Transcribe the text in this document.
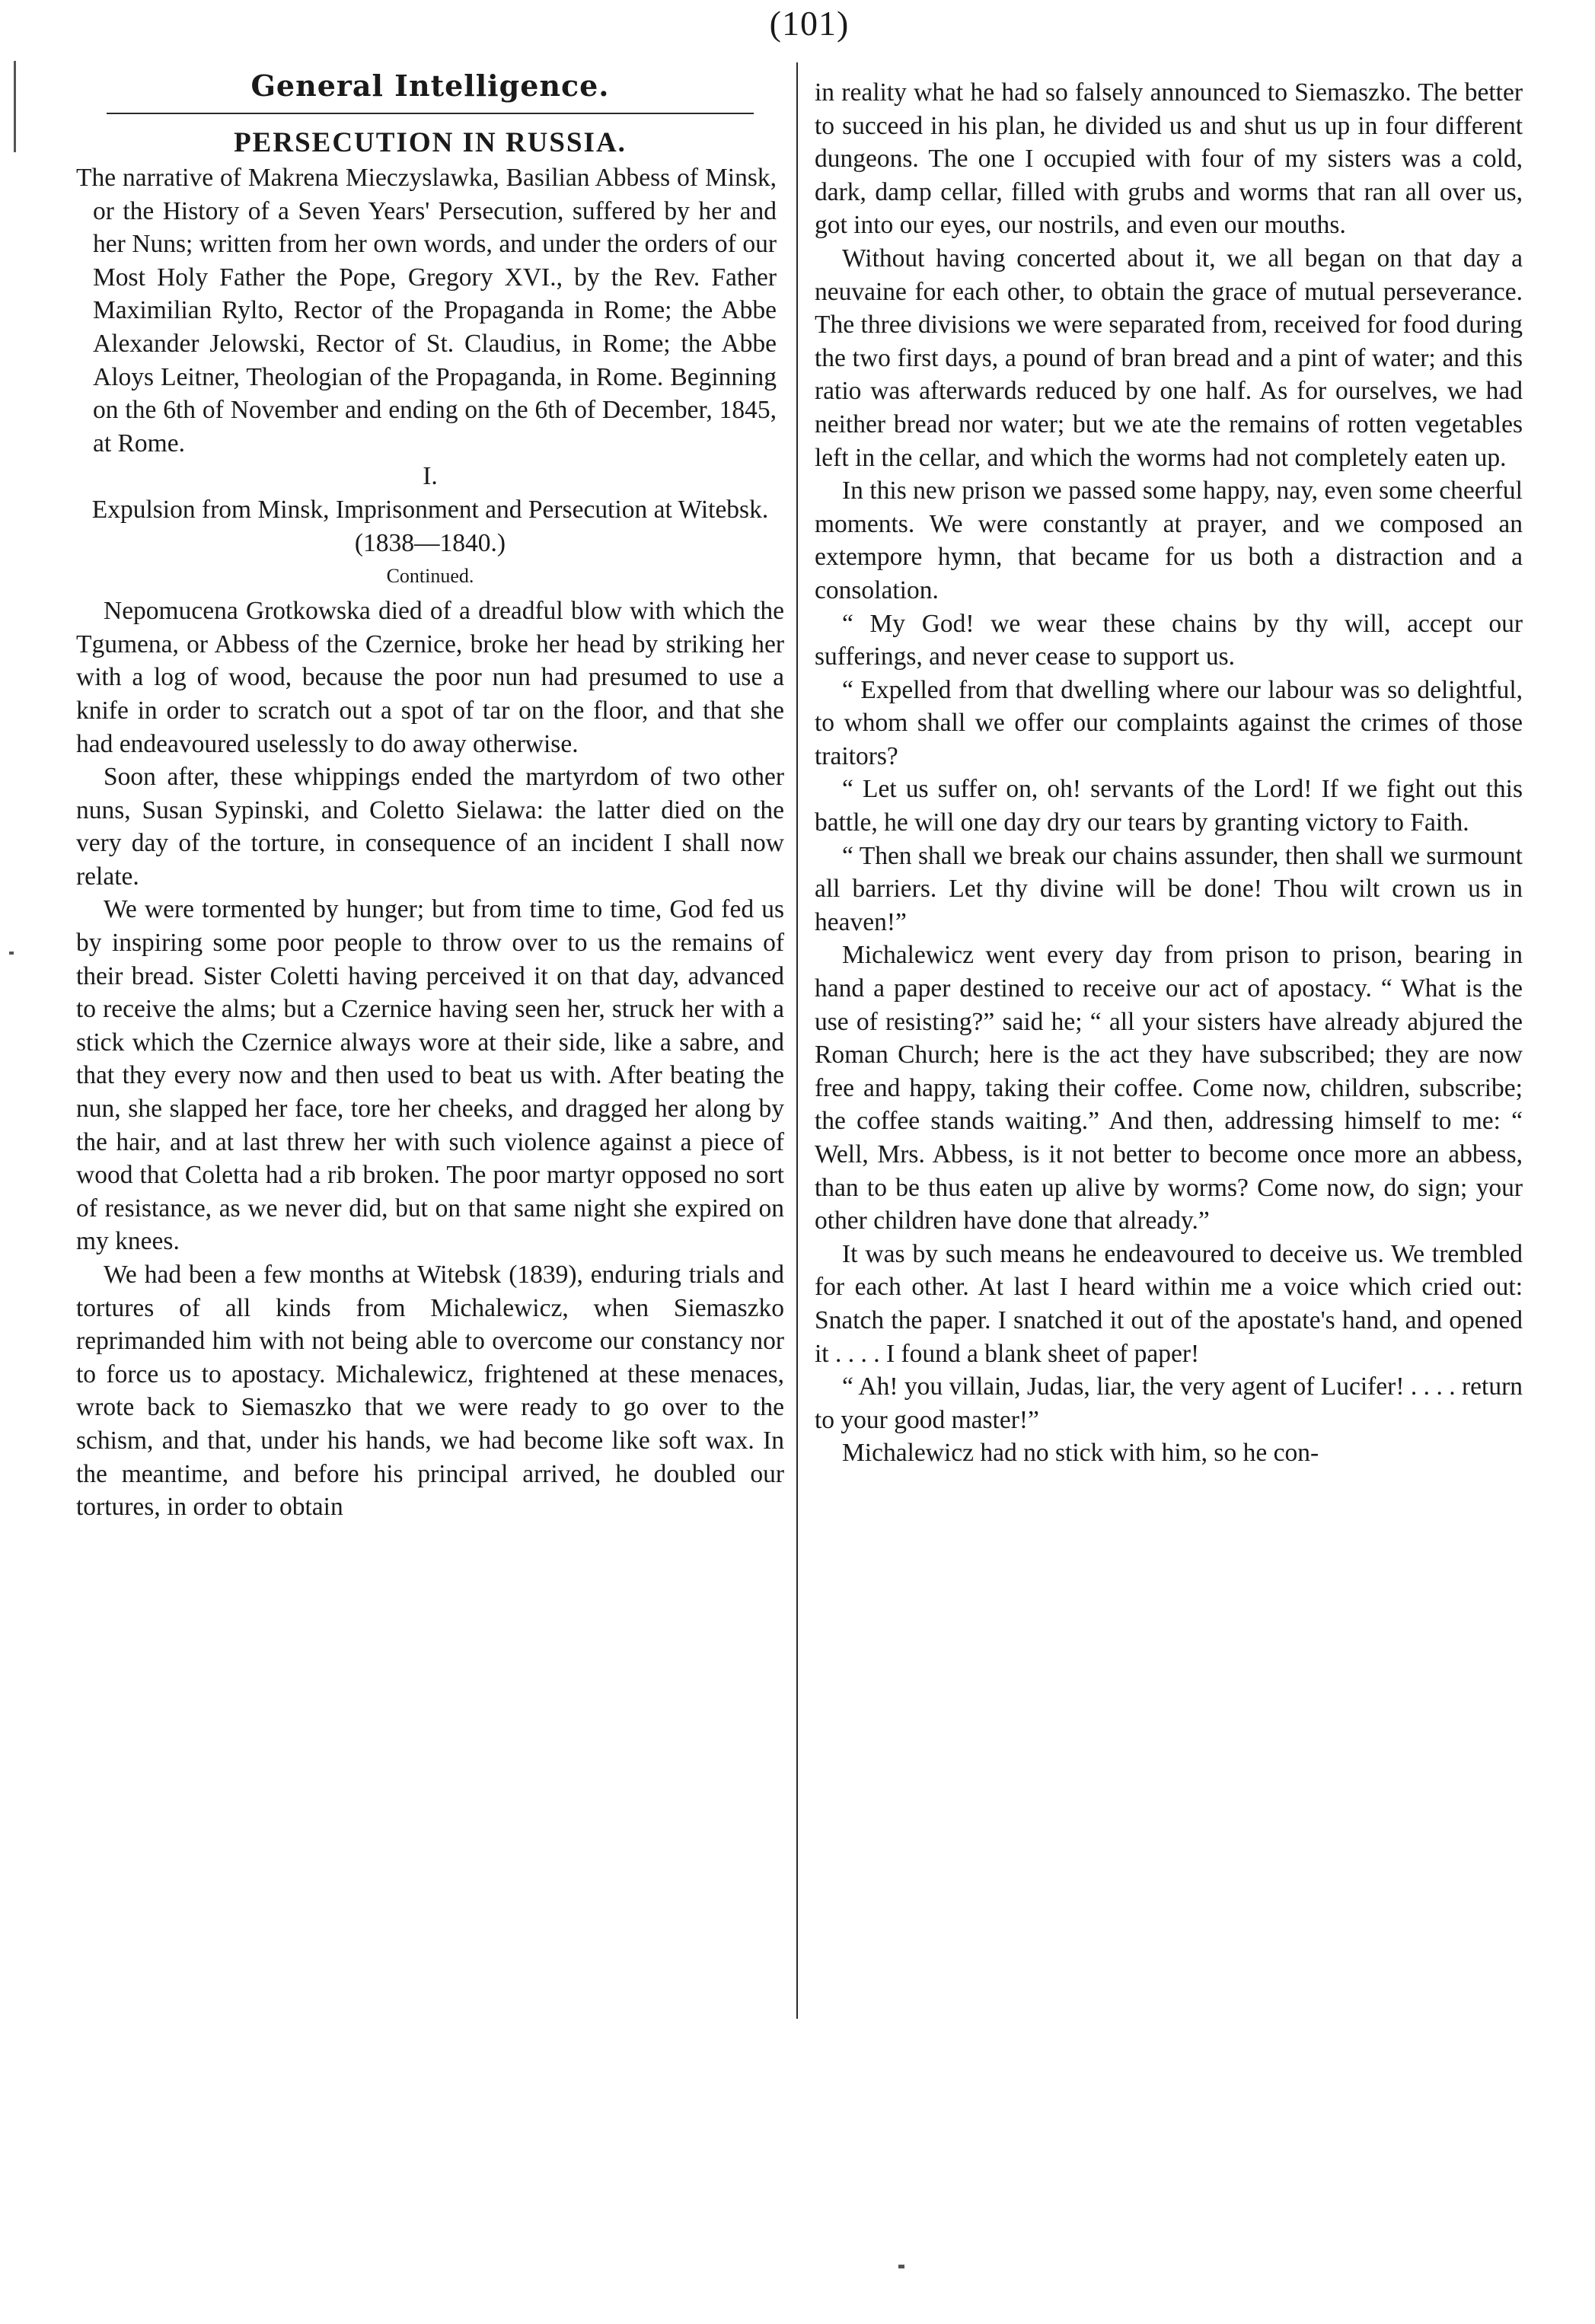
(101)
General Intelligence.
PERSECUTION IN RUSSIA.

The narrative of Makrena Mieczyslawka, Basilian Abbess of Minsk, or the History of a Seven Years' Persecution, suffered by her and her Nuns; written from her own words, and under the orders of our Most Holy Father the Pope, Gregory XVI., by the Rev. Father Maximilian Rylto, Rector of the Propaganda in Rome; the Abbe Alexander Jelowski, Rector of St. Claudius, in Rome; the Abbe Aloys Leitner, Theologian of the Propaganda, in Rome. Beginning on the 6th of November and ending on the 6th of December, 1845, at Rome.

I.

Expulsion from Minsk, Imprisonment and Persecution at Witebsk.

(1838—1840.)

Continued.

Nepomucena Grotkowska died of a dreadful blow with which the Tgumena, or Abbess of the Czernice, broke her head by striking her with a log of wood, because the poor nun had presumed to use a knife in order to scratch out a spot of tar on the floor, and that she had endeavoured uselessly to do away otherwise.

Soon after, these whippings ended the martyrdom of two other nuns, Susan Sypinski, and Coletto Sielawa: the latter died on the very day of the torture, in consequence of an incident I shall now relate.

We were tormented by hunger; but from time to time, God fed us by inspiring some poor people to throw over to us the remains of their bread. Sister Coletti having perceived it on that day, advanced to receive the alms; but a Czernice having seen her, struck her with a stick which the Czernice always wore at their side, like a sabre, and that they every now and then used to beat us with. After beating the nun, she slapped her face, tore her cheeks, and dragged her along by the hair, and at last threw her with such violence against a piece of wood that Coletta had a rib broken. The poor martyr opposed no sort of resistance, as we never did, but on that same night she expired on my knees.

We had been a few months at Witebsk (1839), enduring trials and tortures of all kinds from Michalewicz, when Siemaszko reprimanded him with not being able to overcome our constancy nor to force us to apostacy. Michalewicz, frightened at these menaces, wrote back to Siemaszko that we were ready to go over to the schism, and that, under his hands, we had become like soft wax. In the meantime, and before his principal arrived, he doubled our tortures, in order to obtain

in reality what he had so falsely announced to Siemaszko. The better to succeed in his plan, he divided us and shut us up in four different dungeons. The one I occupied with four of my sisters was a cold, dark, damp cellar, filled with grubs and worms that ran all over us, got into our eyes, our nostrils, and even our mouths.

Without having concerted about it, we all began on that day a neuvaine for each other, to obtain the grace of mutual perseverance. The three divisions we were separated from, received for food during the two first days, a pound of bran bread and a pint of water; and this ratio was afterwards reduced by one half. As for ourselves, we had neither bread nor water; but we ate the remains of rotten vegetables left in the cellar, and which the worms had not completely eaten up.

In this new prison we passed some happy, nay, even some cheerful moments. We were constantly at prayer, and we composed an extempore hymn, that became for us both a distraction and a consolation.

“ My God! we wear these chains by thy will, accept our sufferings, and never cease to support us.

“ Expelled from that dwelling where our labour was so delightful, to whom shall we offer our complaints against the crimes of those traitors?

“ Let us suffer on, oh! servants of the Lord! If we fight out this battle, he will one day dry our tears by granting victory to Faith.

“ Then shall we break our chains assunder, then shall we surmount all barriers. Let thy divine will be done! Thou wilt crown us in heaven!”

Michalewicz went every day from prison to prison, bearing in hand a paper destined to receive our act of apostacy. “ What is the use of resisting?” said he; “ all your sisters have already abjured the Roman Church; here is the act they have subscribed; they are now free and happy, taking their coffee. Come now, children, subscribe; the coffee stands waiting.” And then, addressing himself to me: “ Well, Mrs. Abbess, is it not better to become once more an abbess, than to be thus eaten up alive by worms? Come now, do sign; your other children have done that already.”

It was by such means he endeavoured to deceive us. We trembled for each other. At last I heard within me a voice which cried out: Snatch the paper. I snatched it out of the apostate's hand, and opened it . . . . I found a blank sheet of paper!

“ Ah! you villain, Judas, liar, the very agent of Lucifer! . . . . return to your good master!”

Michalewicz had no stick with him, so he con-
